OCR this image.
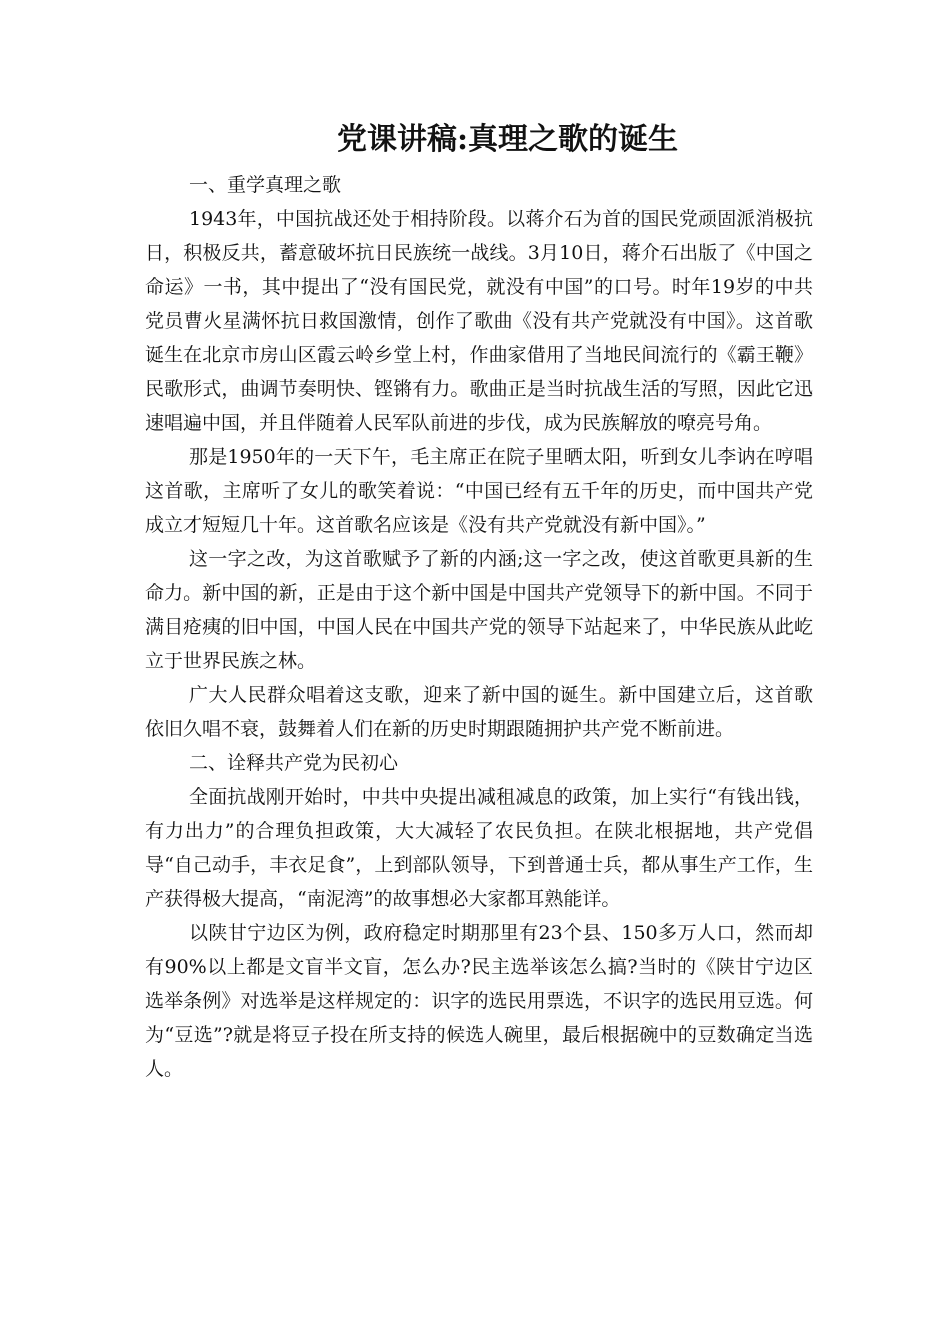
党课讲稿:真理之歌的诞生

一、重学真理之歌

1943年，中国抗战还处于相持阶段。以蒋介石为首的国民党顽固派消极抗日，积极反共，蓄意破坏抗日民族统一战线。3月10日，蒋介石出版了《中国之命运》一书，其中提出了“没有国民党，就没有中国”的口号。时年19岁的中共党员曹火星满怀抗日救国激情，创作了歌曲《没有共产党就没有中国》。这首歌诞生在北京市房山区霞云岭乡堂上村，作曲家借用了当地民间流行的《霸王鞭》民歌形式，曲调节奏明快、铿锵有力。歌曲正是当时抗战生活的写照，因此它迅速唱遍中国，并且伴随着人民军队前进的步伐，成为民族解放的嘹亮号角。

那是1950年的一天下午，毛主席正在院子里晒太阳，听到女儿李讷在哼唱这首歌，主席听了女儿的歌笑着说：“中国已经有五千年的历史，而中国共产党成立才短短几十年。这首歌名应该是《没有共产党就没有新中国》。”

这一字之改，为这首歌赋予了新的内涵;这一字之改，使这首歌更具新的生命力。新中国的新，正是由于这个新中国是中国共产党领导下的新中国。不同于满目疮痍的旧中国，中国人民在中国共产党的领导下站起来了，中华民族从此屹立于世界民族之林。

广大人民群众唱着这支歌，迎来了新中国的诞生。新中国建立后，这首歌依旧久唱不衰，鼓舞着人们在新的历史时期跟随拥护共产党不断前进。

二、诠释共产党为民初心

全面抗战刚开始时，中共中央提出减租减息的政策，加上实行“有钱出钱，有力出力”的合理负担政策，大大减轻了农民负担。在陕北根据地，共产党倡导“自己动手，丰衣足食”，上到部队领导，下到普通士兵，都从事生产工作，生产获得极大提高，“南泥湾”的故事想必大家都耳熟能详。

以陕甘宁边区为例，政府稳定时期那里有23个县、150多万人口，然而却有90%以上都是文盲半文盲，怎么办?民主选举该怎么搞?当时的《陕甘宁边区选举条例》对选举是这样规定的：识字的选民用票选，不识字的选民用豆选。何为“豆选”?就是将豆子投在所支持的候选人碗里，最后根据碗中的豆数确定当选人。
